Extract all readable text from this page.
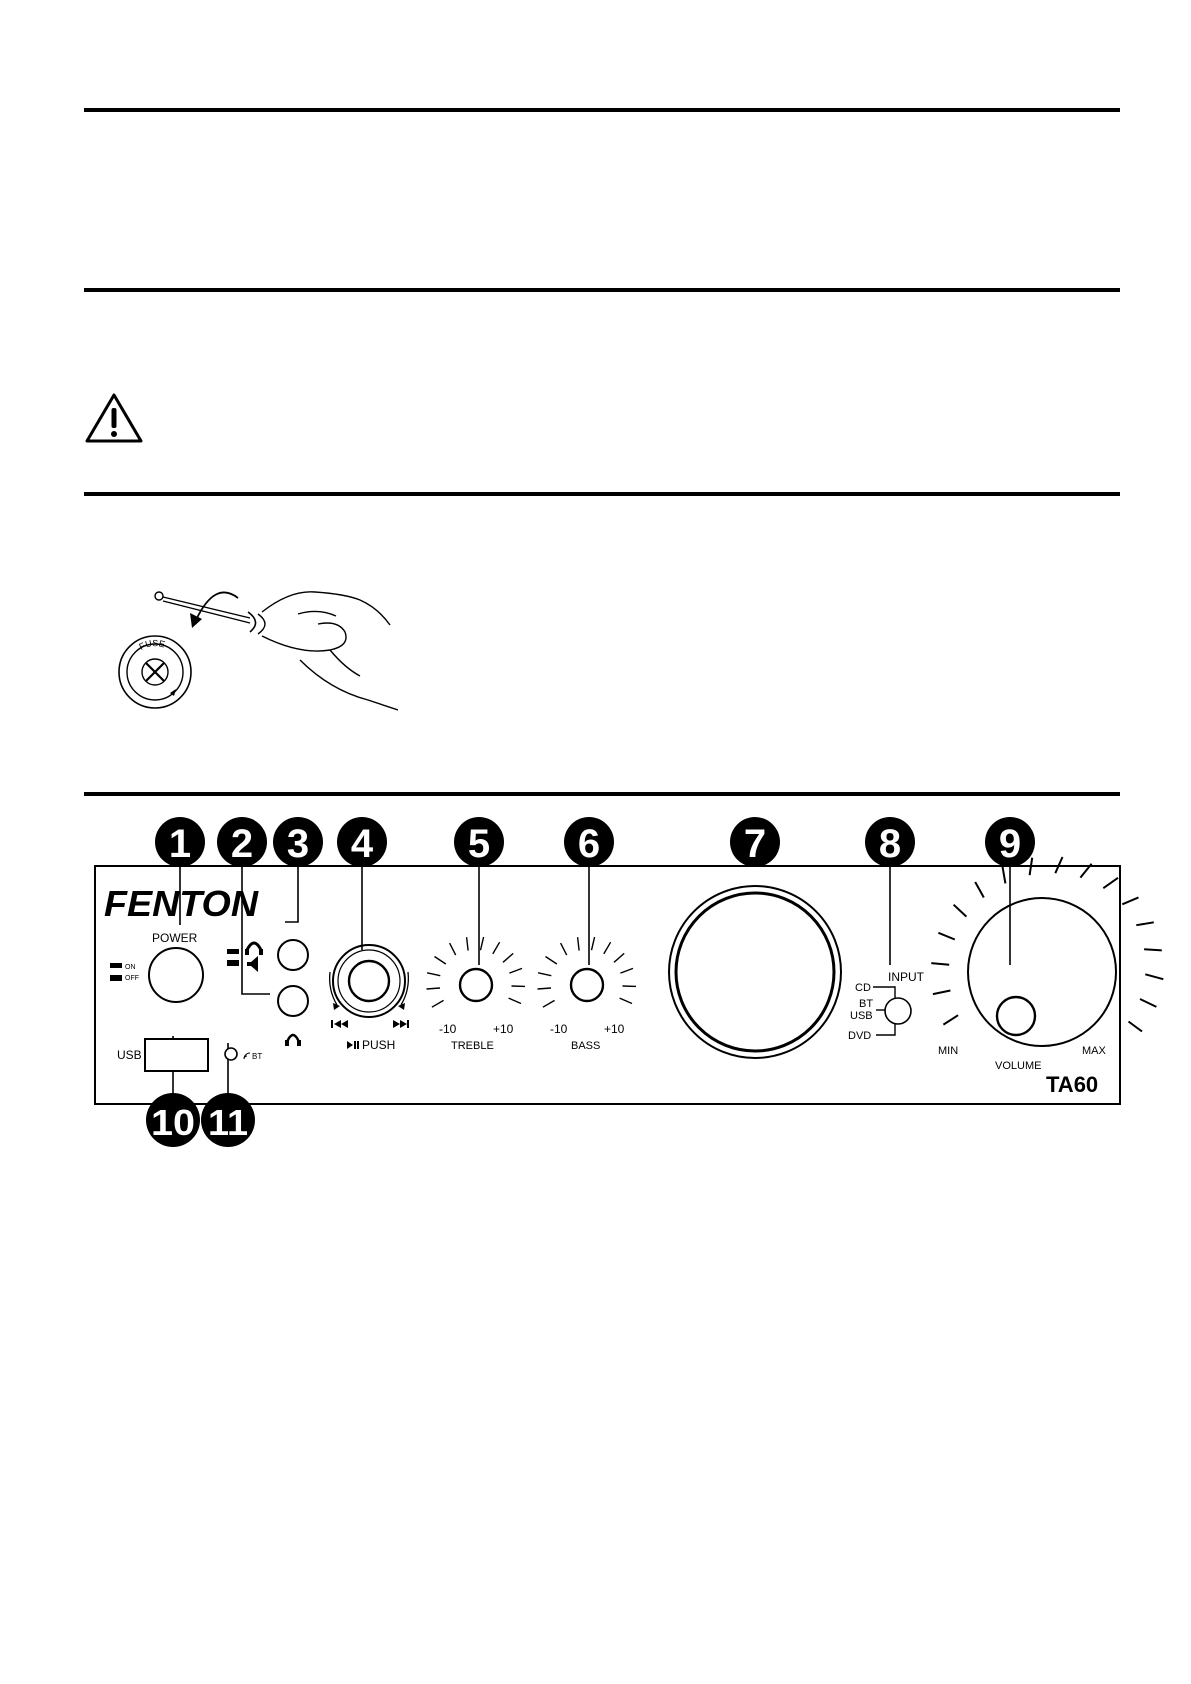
FUSE
FENTON
TA60
POWER
ON
OFF
PUSH
-10	+10
TREBLE
-10	+10
BASS
INPUT
CD
BT
USB
DVD
MIN	MAX
VOLUME
USB	BT
1 2 3 4 5 6	7	8 9
10 11
